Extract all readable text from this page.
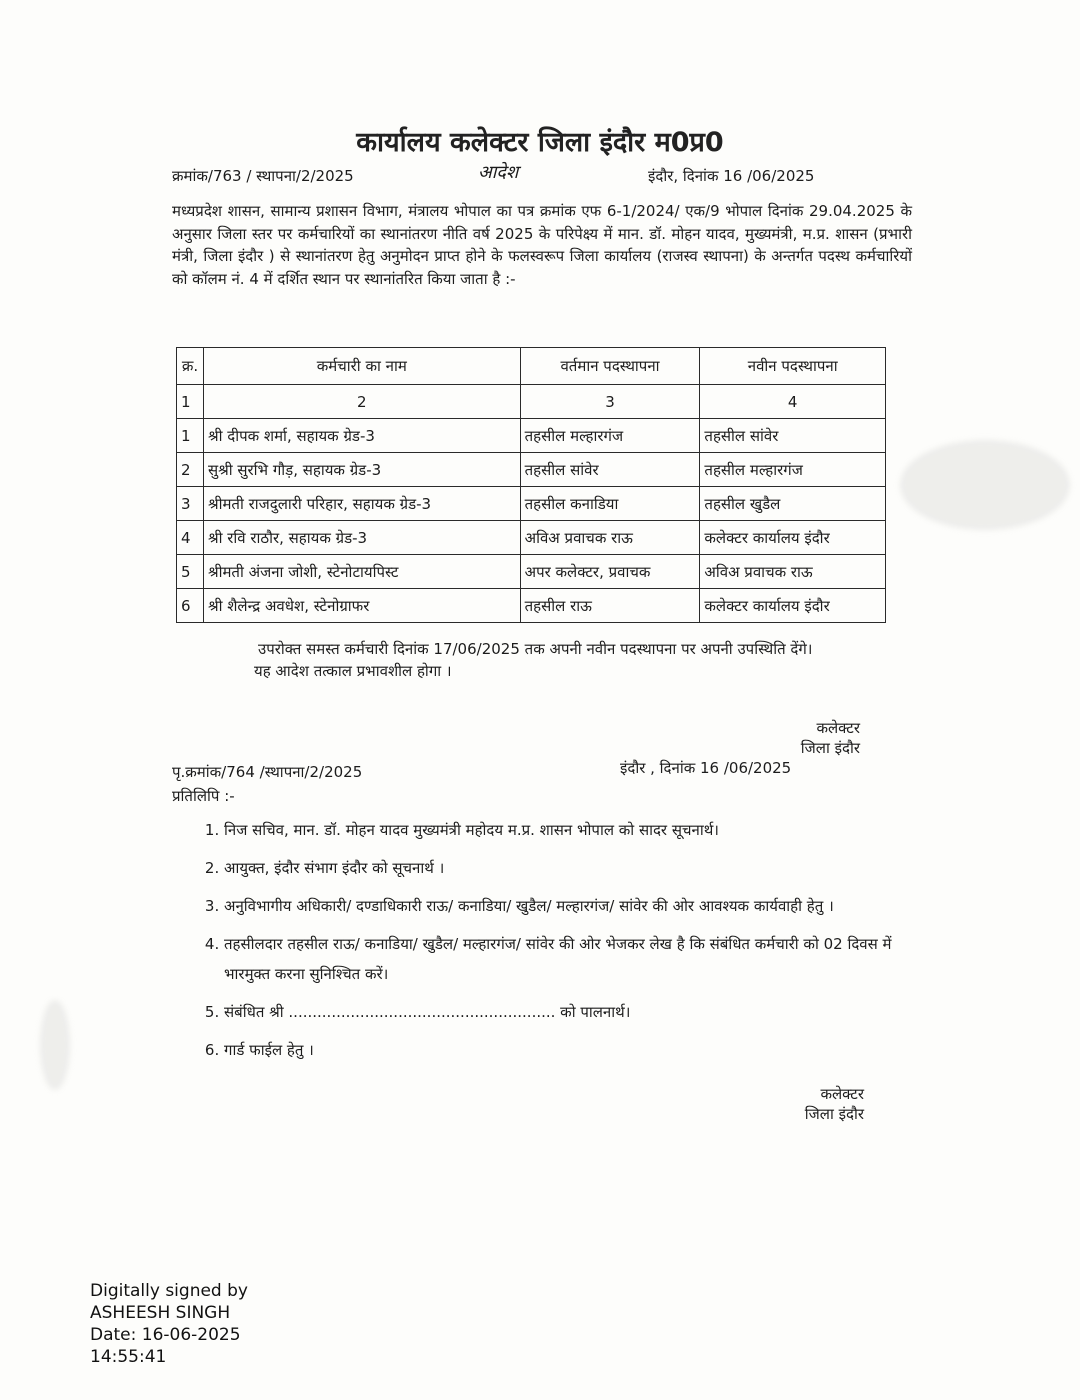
कार्यालय कलेक्टर जिला इंदौर म0प्र0
क्रमांक/763 / स्थापना/2/2025	आदेश	इंदौर, दिनांक 16 /06/2025
मध्यप्रदेश शासन, सामान्य प्रशासन विभाग, मंत्रालय भोपाल का पत्र क्रमांक एफ 6-1/2024/ एक/9 भोपाल दिनांक 29.04.2025 के अनुसार जिला स्तर पर कर्मचारियों का स्थानांतरण नीति वर्ष 2025 के परिपेक्ष्य में मान. डॉ. मोहन यादव, मुख्यमंत्री, म.प्र. शासन (प्रभारी मंत्री, जिला इंदौर ) से स्थानांतरण हेतु अनुमोदन प्राप्त होने के फलस्वरूप जिला कार्यालय (राजस्व स्थापना) के अन्तर्गत पदस्थ कर्मचारियों को कॉलम नं. 4 में दर्शित स्थान पर स्थानांतरित किया जाता है :-
क्र.	कर्मचारी का नाम	वर्तमान पदस्थापना	नवीन पदस्थापना
1	2	3	4
1	श्री दीपक शर्मा, सहायक ग्रेड-3	तहसील मल्हारगंज	तहसील सांवेर
2	सुश्री सुरभि गौड़, सहायक ग्रेड-3	तहसील सांवेर	तहसील मल्हारगंज
3	श्रीमती राजदुलारी परिहार, सहायक ग्रेड-3	तहसील कनाडिया	तहसील खुडैल
4	श्री रवि राठौर, सहायक ग्रेड-3	अविअ प्रवाचक राऊ	कलेक्टर कार्यालय इंदौर
5	श्रीमती अंजना जोशी, स्टेनोटायपिस्ट	अपर कलेक्टर, प्रवाचक	अविअ प्रवाचक राऊ
6	श्री शैलेन्द्र अवधेश, स्टेनोग्राफर	तहसील राऊ	कलेक्टर कार्यालय इंदौर
उपरोक्त समस्त कर्मचारी दिनांक 17/06/2025 तक अपनी नवीन पदस्थापना पर अपनी उपस्थिति देंगे।
यह आदेश तत्काल प्रभावशील होगा ।
कलेक्टर
जिला इंदौर
पृ.क्रमांक/764 /स्थापना/2/2025	इंदौर , दिनांक 16 /06/2025
प्रतिलिपि :-
1. निज सचिव, मान. डॉ. मोहन यादव मुख्यमंत्री महोदय म.प्र. शासन भोपाल को सादर सूचनार्थ।
2. आयुक्त, इंदौर संभाग इंदौर को सूचनार्थ ।
3. अनुविभागीय अधिकारी/ दण्डाधिकारी राऊ/ कनाडिया/ खुडैल/ मल्हारगंज/ सांवेर की ओर आवश्यक कार्यवाही हेतु ।
4. तहसीलदार तहसील राऊ/ कनाडिया/ खुडैल/ मल्हारगंज/ सांवेर की ओर भेजकर लेख है कि संबंधित कर्मचारी को 02 दिवस में भारमुक्त करना सुनिश्चित करें।
5. संबंधित श्री ........................................................ को पालनार्थ।
6. गार्ड फाईल हेतु ।
कलेक्टर
जिला इंदौर
Digitally signed by
ASHEESH SINGH
Date: 16-06-2025
14:55:41
